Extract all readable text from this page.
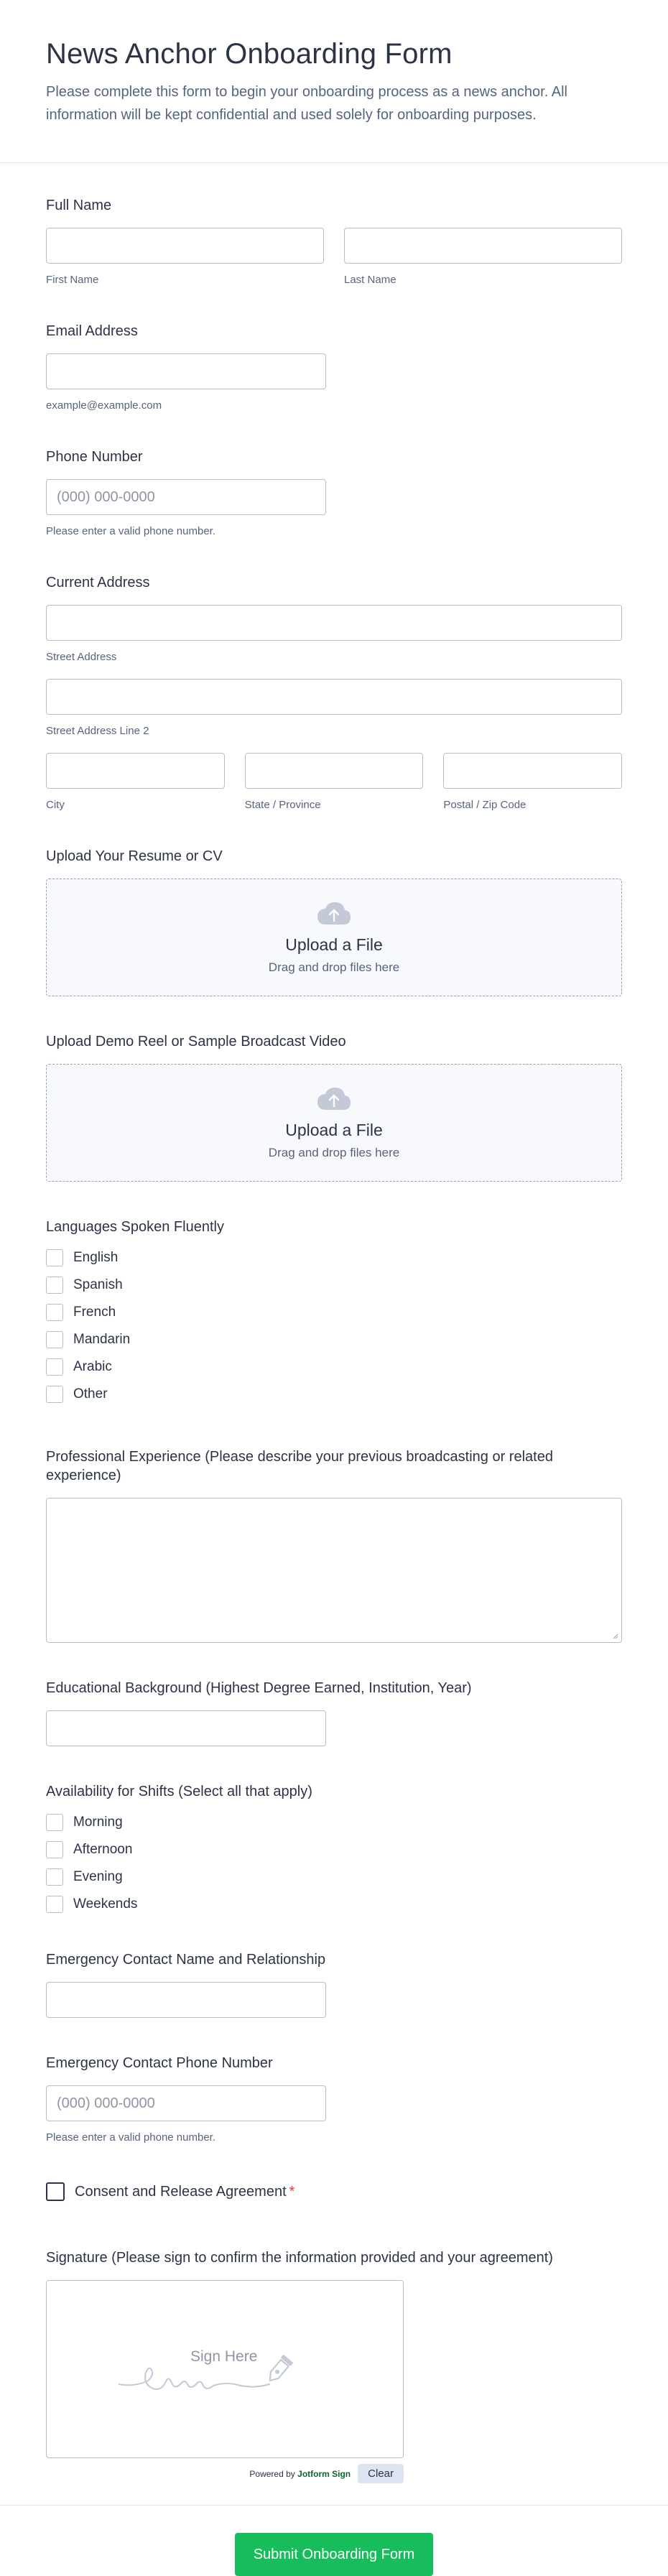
News Anchor Onboarding Form

Please complete this form to begin your onboarding process as a news anchor. All information will be kept confidential and used solely for onboarding purposes.

Full Name
First Name	Last Name
Email Address
example@example.com
Phone Number
(000) 000-0000
Please enter a valid phone number.
Current Address
Street Address
Street Address Line 2
City	State / Province	Postal / Zip Code
Upload Your Resume or CV
Upload a File
Drag and drop files here
Upload Demo Reel or Sample Broadcast Video
Upload a File
Drag and drop files here
Languages Spoken Fluently
English
Spanish
French
Mandarin
Arabic
Other
Professional Experience (Please describe your previous broadcasting or related experience)
Educational Background (Highest Degree Earned, Institution, Year)
Availability for Shifts (Select all that apply)
Morning
Afternoon
Evening
Weekends
Emergency Contact Name and Relationship
Emergency Contact Phone Number
(000) 000-0000
Please enter a valid phone number.
Consent and Release Agreement *
Signature (Please sign to confirm the information provided and your agreement)
Sign Here
Powered by Jotform Sign	Clear
Submit Onboarding Form
